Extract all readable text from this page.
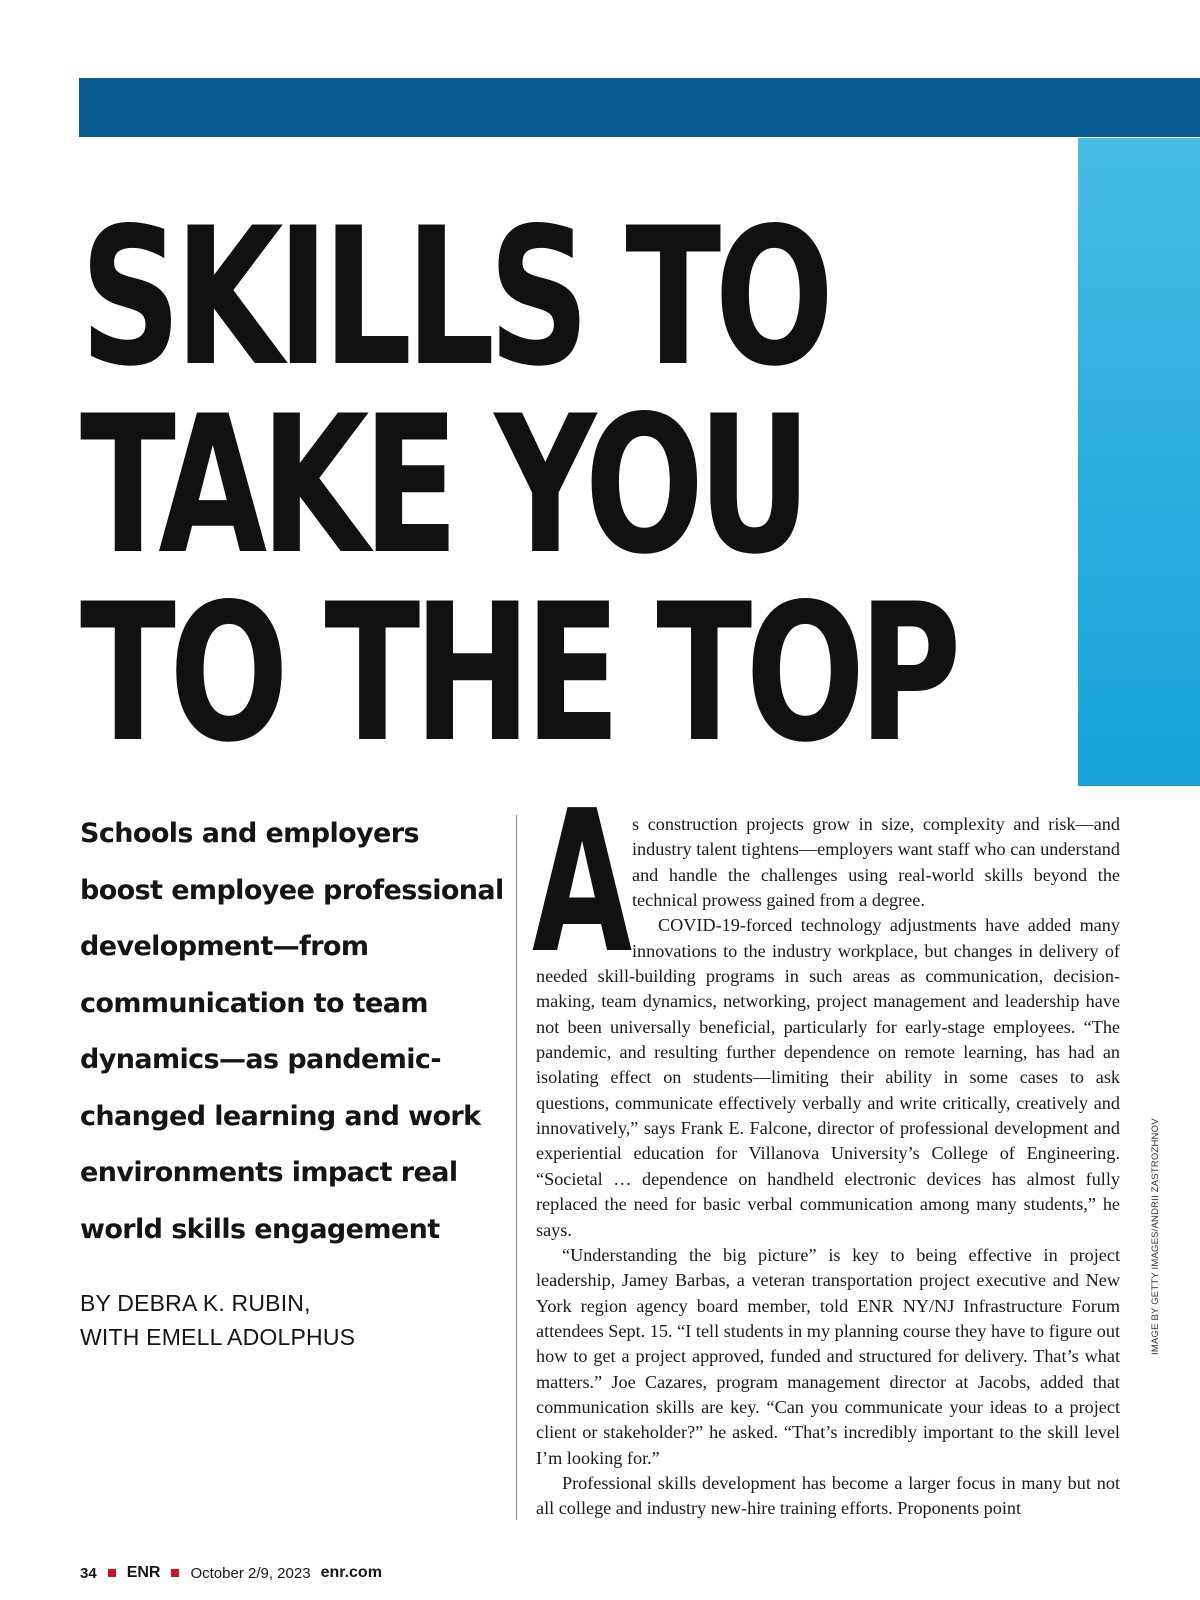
SKILLS TO
TAKE YOU
TO THE TOP

Schools and employers
boost employee professional
development—from
communication to team
dynamics—as pandemic-
changed learning and work
environments impact real
world skills engagement

BY DEBRA K. RUBIN,
WITH EMELL ADOLPHUS

As construction projects grow in size, complexity and risk—and industry talent tightens—employers want staff who can understand and handle the challenges using real-world skills beyond the technical prowess gained from a degree.

COVID-19-forced technology adjustments have added many innovations to the industry workplace, but changes in delivery of needed skill-building programs in such areas as communication, decision-making, team dynamics, networking, project management and leadership have not been universally beneficial, particularly for early-stage employees. “The pandemic, and resulting further dependence on remote learning, has had an isolating effect on students—limiting their ability in some cases to ask questions, communicate effectively verbally and write critically, creatively and innovatively,” says Frank E. Falcone, director of professional development and experiential education for Villanova University’s College of Engineering. “Societal … dependence on handheld electronic devices has almost fully replaced the need for basic verbal communication among many students,” he says.

“Understanding the big picture” is key to being effective in project leadership, Jamey Barbas, a veteran transportation project executive and New York region agency board member, told ENR NY/NJ Infrastructure Forum attendees Sept. 15. “I tell students in my planning course they have to figure out how to get a project approved, funded and structured for delivery. That’s what matters.” Joe Cazares, program management director at Jacobs, added that communication skills are key. “Can you communicate your ideas to a project client or stakeholder?” he asked. “That’s incredibly important to the skill level I’m looking for.”

Professional skills development has become a larger focus in many but not all college and industry new-hire training efforts. Proponents point

IMAGE BY GETTY IMAGES/ANDRII ZASTROZHNOV
34 ENR October 2/9, 2023 enr.com
